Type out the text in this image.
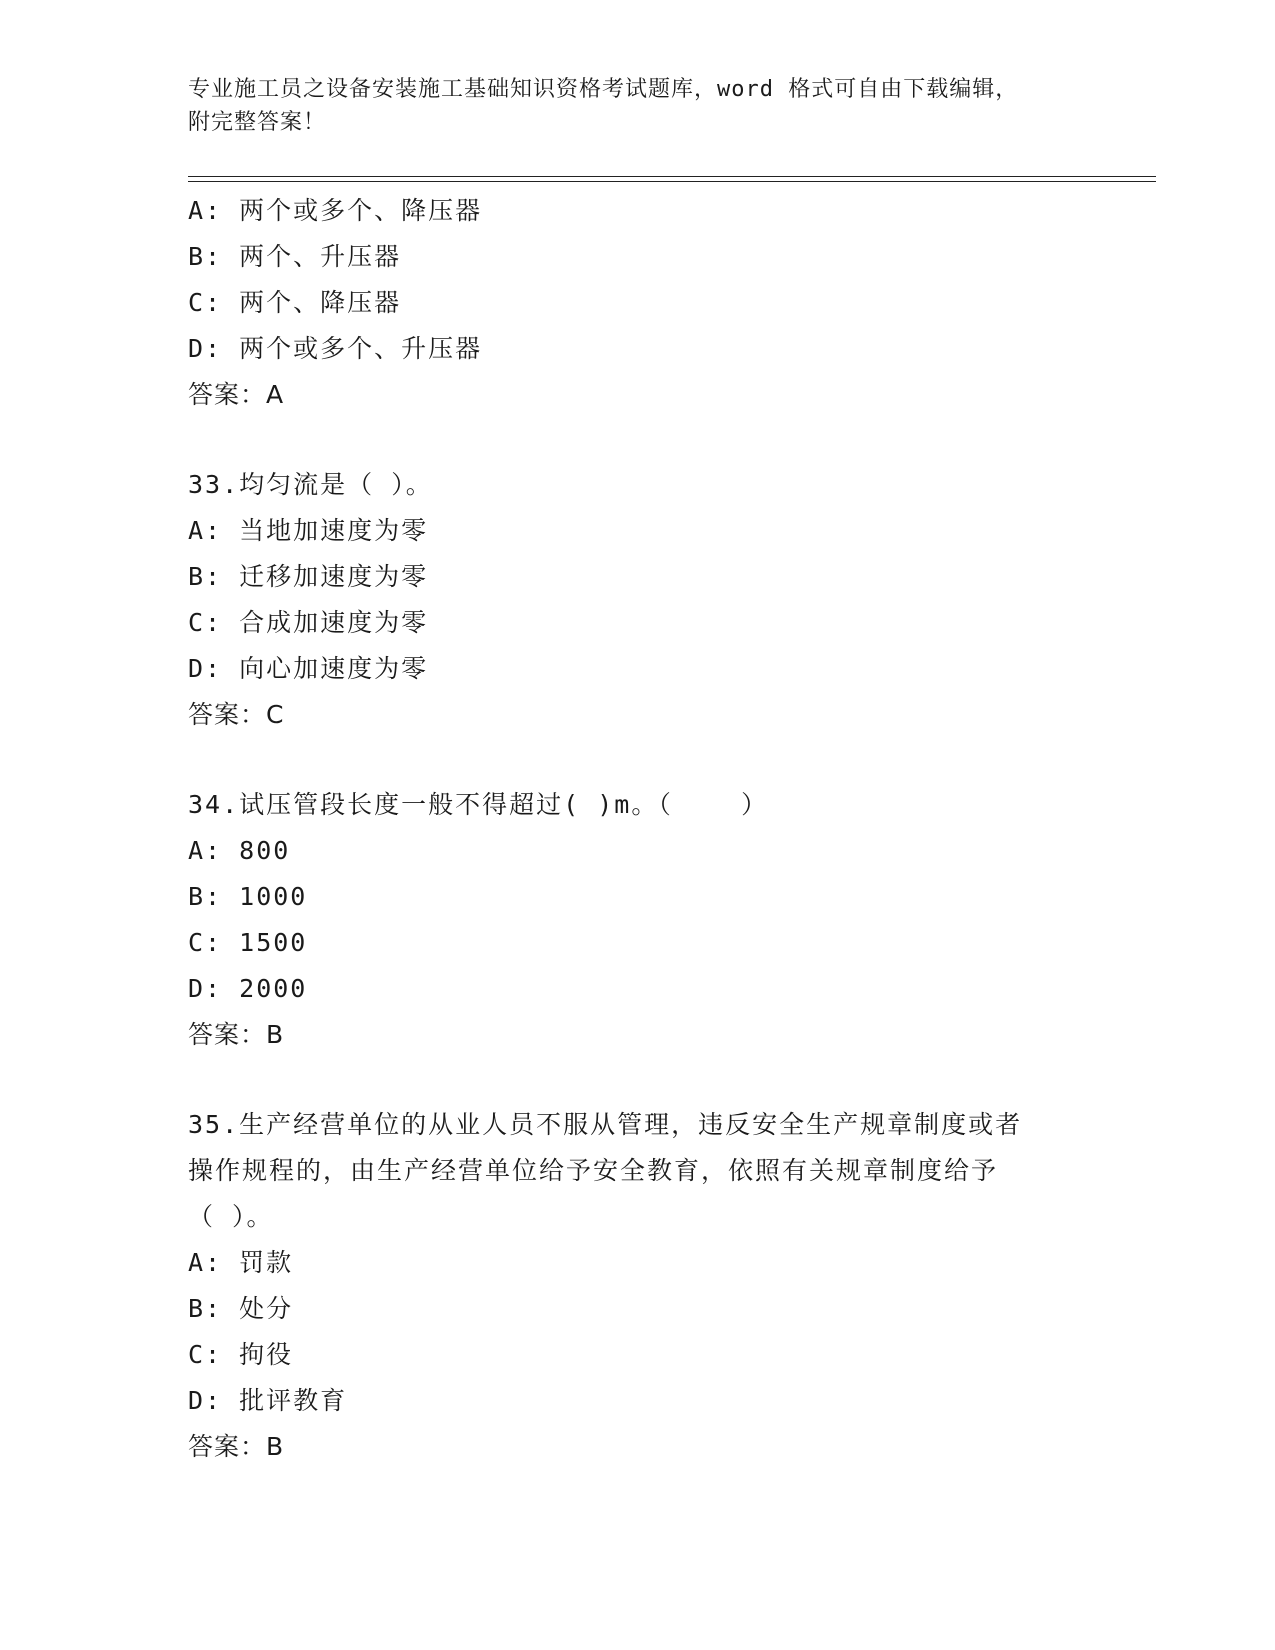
专业施工员之设备安装施工基础知识资格考试题库，word 格式可自由下载编辑，
附完整答案！
A: 两个或多个、降压器
B: 两个、升压器
C: 两个、降压器
D: 两个或多个、升压器
答案：A
33.均匀流是（ ）。
A: 当地加速度为零
B: 迁移加速度为零
C: 合成加速度为零
D: 向心加速度为零
答案：C
34.试压管段长度一般不得超过( )m。（    ）
A: 800
B: 1000
C: 1500
D: 2000
答案：B
35.生产经营单位的从业人员不服从管理，违反安全生产规章制度或者
操作规程的，由生产经营单位给予安全教育，依照有关规章制度给予
（ ）。
A: 罚款
B: 处分
C: 拘役
D: 批评教育
答案：B
